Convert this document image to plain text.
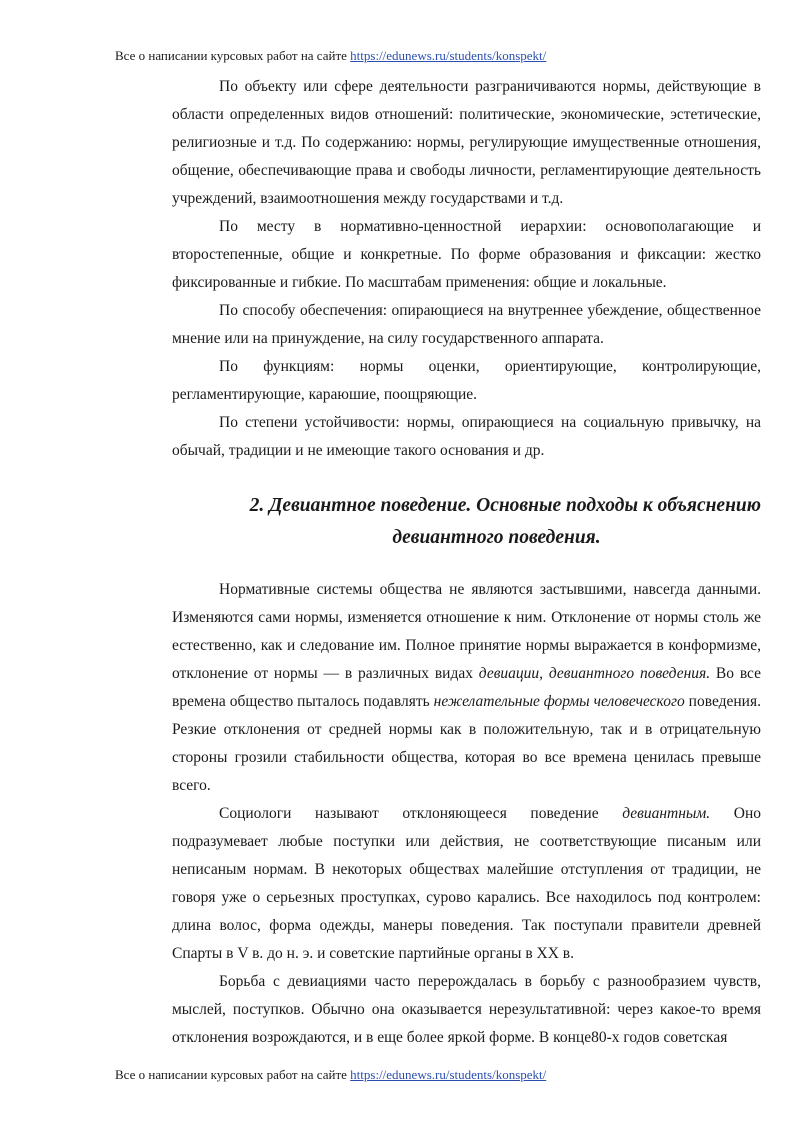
Все о написании курсовых работ на сайте https://edunews.ru/students/konspekt/

По объекту или сфере деятельности разграничиваются нормы, действующие в области определенных видов отношений: политические, экономические, эстетические, религиозные и т.д. По содержанию: нормы, регулирующие имущественные отношения, общение, обеспечивающие права и свободы личности, регламентирующие деятельность учреждений, взаимоотношения между государствами и т.д.

По месту в нормативно-ценностной иерархии: основополагающие и второстепенные, общие и конкретные. По форме образования и фиксации: жестко фиксированные и гибкие. По масштабам применения: общие и локальные.

По способу обеспечения: опирающиеся на внутреннее убеждение, общественное мнение или на принуждение, на силу государственного аппарата.

По функциям: нормы оценки, ориентирующие, контролирующие, регламентирующие, караюшие, поощряющие.

По степени устойчивости: нормы, опирающиеся на социальную привычку, на обычай, традиции и не имеющие такого основания и др.

2. Девиантное поведение. Основные подходы к объяснению
девиантного поведения.

Нормативные системы общества не являются застывшими, навсегда данными. Изменяются сами нормы, изменяется отношение к ним. Отклонение от нормы столь же естественно, как и следование им. Полное принятие нормы выражается в конформизме, отклонение от нормы — в различных видах девиации, девиантного поведения. Во все времена общество пыталось подавлять нежелательные формы человеческого поведения. Резкие отклонения от средней нормы как в положительную, так и в отрицательную стороны грозили стабильности общества, которая во все времена ценилась превыше всего.

Социологи называют отклоняющееся поведение девиантным. Оно подразумевает любые поступки или действия, не соответствующие писаным или неписаным нормам. В некоторых обществах малейшие отступления от традиции, не говоря уже о серьезных проступках, сурово карались. Все находилось под контролем: длина волос, форма одежды, манеры поведения. Так поступали правители древней Спарты в V в. до н. э. и советские партийные органы в XX в.

Борьба с девиациями часто перерождалась в борьбу с разнообразием чувств, мыслей, поступков. Обычно она оказывается нерезультативной: через какое-то время отклонения возрождаются, и в еще более яркой форме. В конце80-х годов советская

Все о написании курсовых работ на сайте https://edunews.ru/students/konspekt/
